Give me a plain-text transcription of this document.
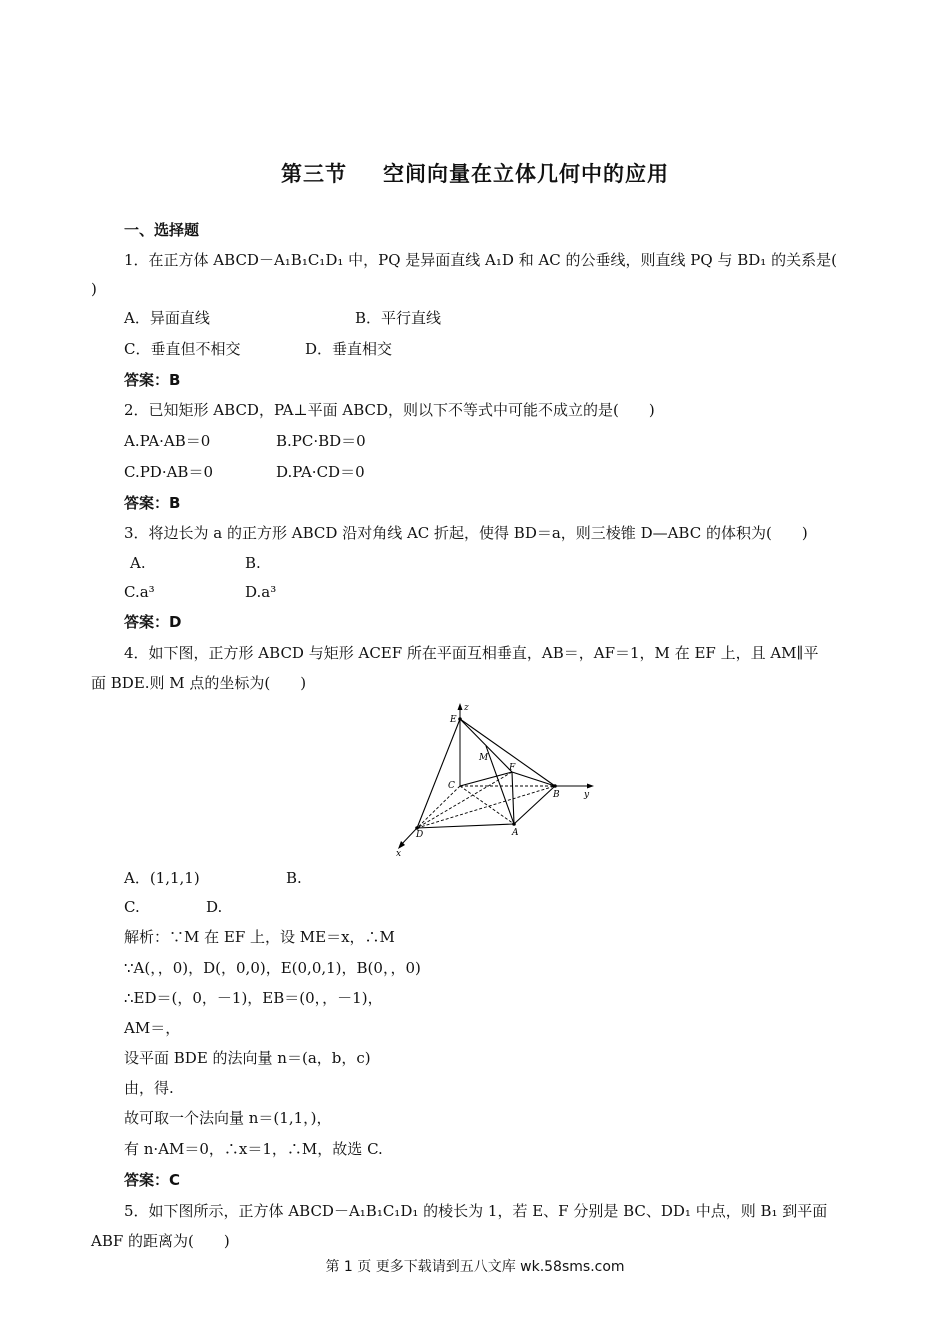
第三节 空间向量在立体几何中的应用
一、选择题
1．在正方体 ABCD－A₁B₁C₁D₁ 中，PQ 是异面直线 A₁D 和 AC 的公垂线，则直线 PQ 与 BD₁ 的关系是(
)
A．异面直线	B．平行直线
C．垂直但不相交	D．垂直相交
答案：B
2．已知矩形 ABCD，PA⊥平面 ABCD，则以下不等式中可能不成立的是(　　)
A.PA·AB＝0	B.PC·BD＝0
C.PD·AB＝0	D.PA·CD＝0
答案：B
3．将边长为 a 的正方形 ABCD 沿对角线 AC 折起，使得 BD＝a，则三棱锥 D—ABC 的体积为(　　)
A.	B.
C.a³	D.a³
答案：D
4．如下图，正方形 ABCD 与矩形 ACEF 所在平面互相垂直，AB＝，AF＝1，M 在 EF 上，且 AM∥平
面 BDE.则 M 点的坐标为(　　)
E
z
M
F
C
B	y
D	A
x
A．(1,1,1)	B.
C.	D.
解析：∵M 在 EF 上，设 ME＝x，∴M
∵A(，，0)，D(，0,0)，E(0,0,1)，B(0，，0)
∴ED＝(，0，－1)，EB＝(0，，－1)，
AM＝，
设平面 BDE 的法向量 n＝(a，b，c)
由，得.
故可取一个法向量 n＝(1,1，)，
有 n·AM＝0，∴x＝1，∴M，故选 C.
答案：C
5．如下图所示，正方体 ABCD－A₁B₁C₁D₁ 的棱长为 1，若 E、F 分别是 BC、DD₁ 中点，则 B₁ 到平面
ABF 的距离为(　　)
第 1 页 更多下载请到五八文库 wk.58sms.com
